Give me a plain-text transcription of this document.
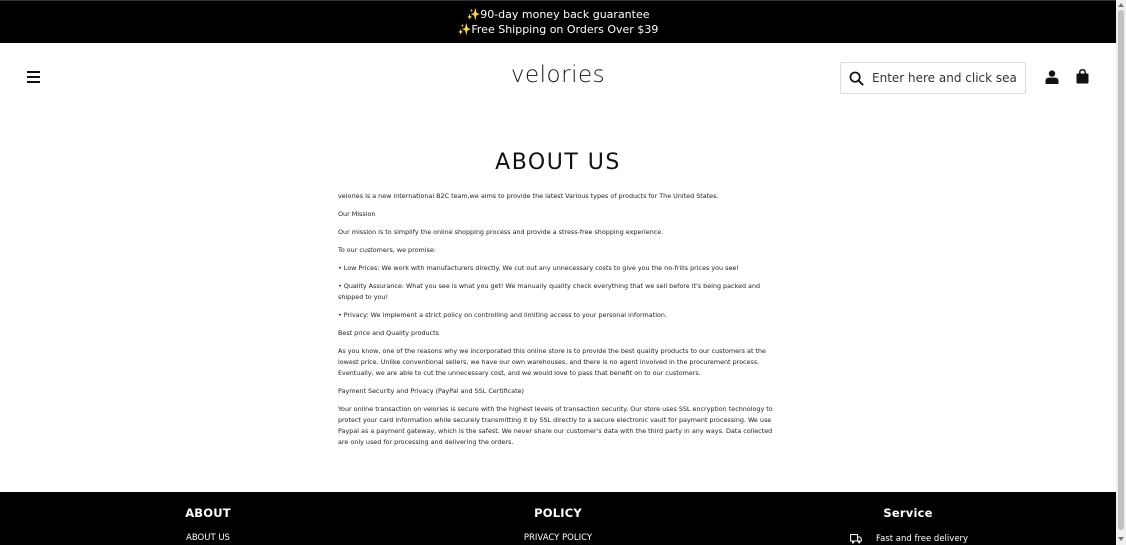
✨90-day money back guarantee
✨Free Shipping on Orders Over $39
velories
Enter here and click search
ABOUT US

velories is a new international B2C team,we aims to provide the latest Various types of products for The United States.

Our Mission

Our mission is to simplify the online shopping process and provide a stress-free shopping experience.

To our customers, we promise:

• Low Prices: We work with manufacturers directly. We cut out any unnecessary costs to give you the no-frills prices you see!

• Quality Assurance: What you see is what you get! We manually quality check everything that we sell before it's being packed and shipped to you!

• Privacy: We implement a strict policy on controlling and limiting access to your personal information.

Best price and Quality products

As you know, one of the reasons why we incorporated this online store is to provide the best quality products to our customers at the lowest price. Unlike conventional sellers, we have our own warehouses, and there is no agent involved in the procurement process. Eventually, we are able to cut the unnecessary cost, and we would love to pass that benefit on to our customers.

Payment Security and Privacy (PayPal and SSL Certificate)

Your online transaction on velories is secure with the highest levels of transaction security. Our store uses SSL encryption technology to protect your card information while securely transmitting it by SSL directly to a secure electronic vault for payment processing. We use Paypal as a payment gateway, which is the safest. We never share our customer's data with the third party in any ways. Data collected are only used for processing and delivering the orders.

ABOUT
ABOUT US
POLICY
PRIVACY POLICY
Service
Fast and free delivery
